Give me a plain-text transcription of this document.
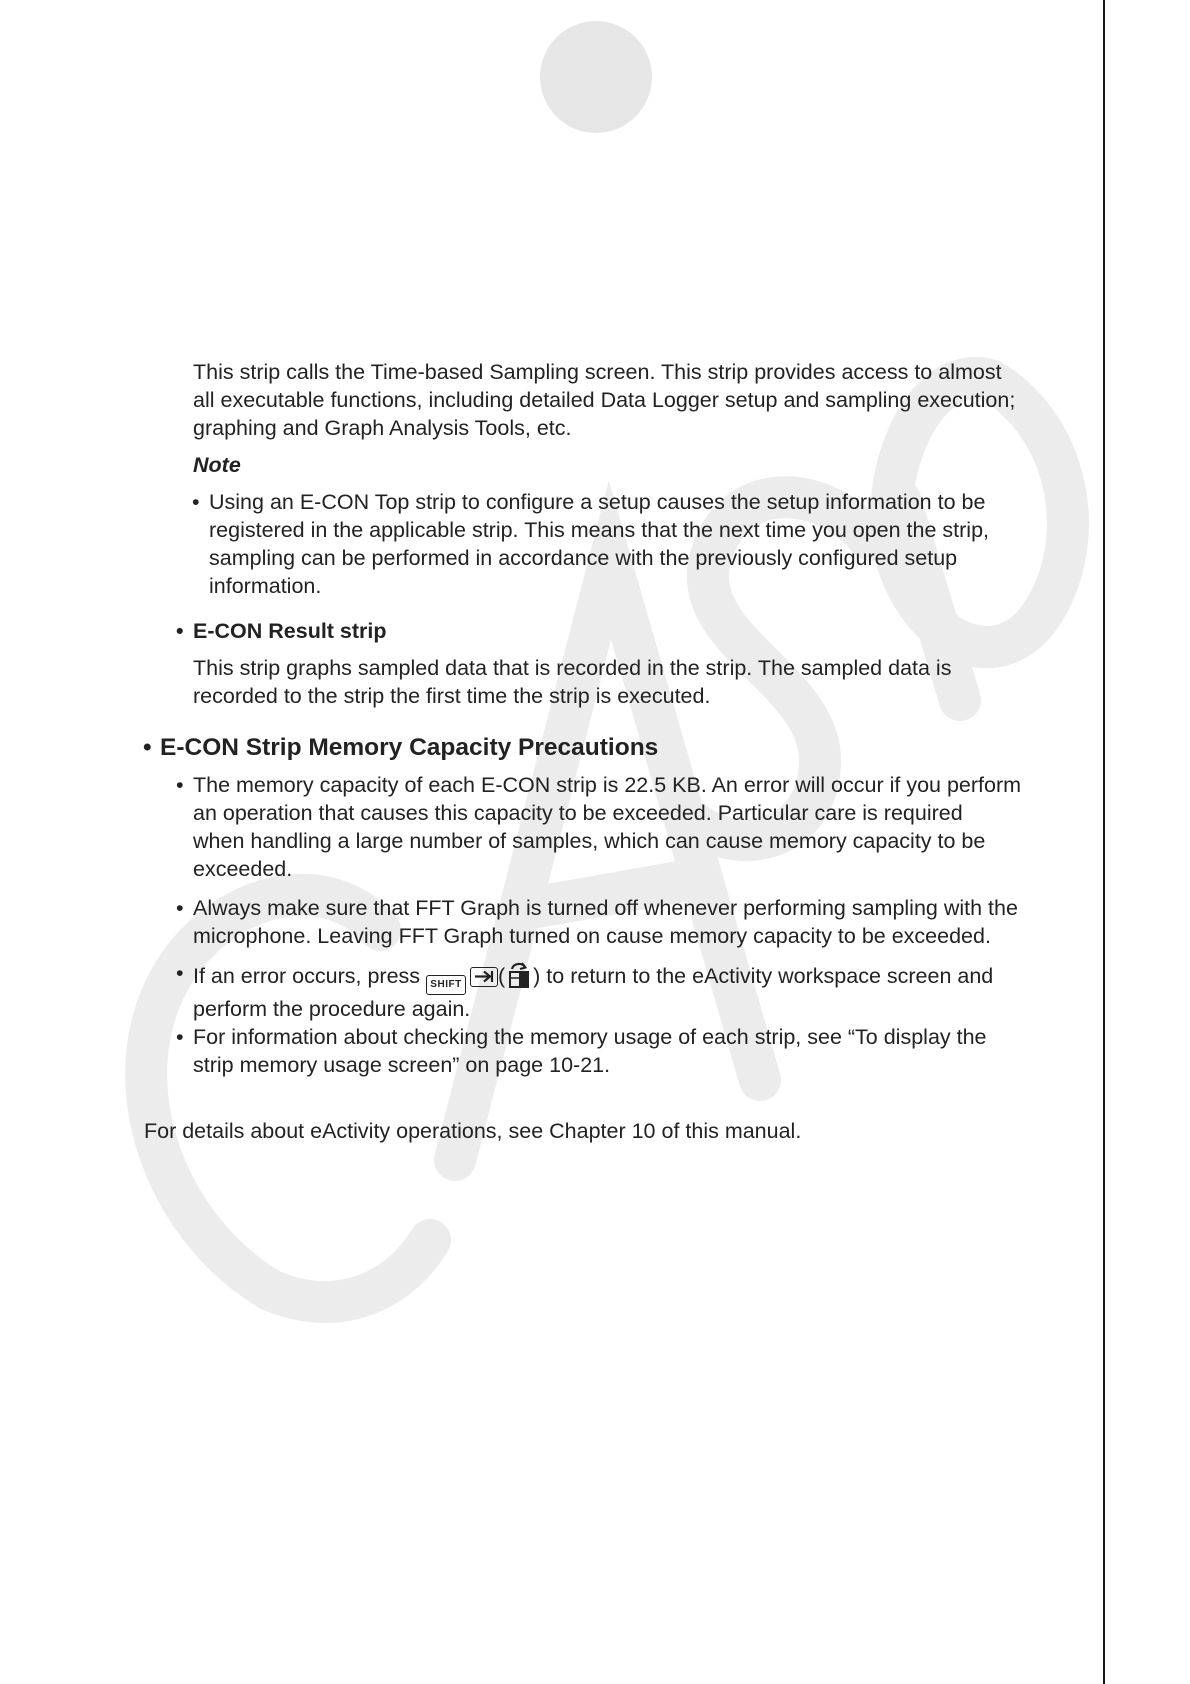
This strip calls the Time-based Sampling screen. This strip provides access to almost
all executable functions, including detailed Data Logger setup and sampling execution;
graphing and Graph Analysis Tools, etc.
Note
• Using an E-CON Top strip to configure a setup causes the setup information to be
registered in the applicable strip. This means that the next time you open the strip,
sampling can be performed in accordance with the previously configured setup
information.
• E-CON Result strip
This strip graphs sampled data that is recorded in the strip. The sampled data is
recorded to the strip the first time the strip is executed.
• E-CON Strip Memory Capacity Precautions
• The memory capacity of each E-CON strip is 22.5 KB. An error will occur if you perform
an operation that causes this capacity to be exceeded. Particular care is required
when handling a large number of samples, which can cause memory capacity to be
exceeded.
• Always make sure that FFT Graph is turned off whenever performing sampling with the
microphone. Leaving FFT Graph turned on cause memory capacity to be exceeded.
• If an error occurs, press SHIFT ( ) to return to the eActivity workspace screen and
perform the procedure again.
• For information about checking the memory usage of each strip, see “To display the
strip memory usage screen” on page 10-21.
For details about eActivity operations, see Chapter 10 of this manual.
